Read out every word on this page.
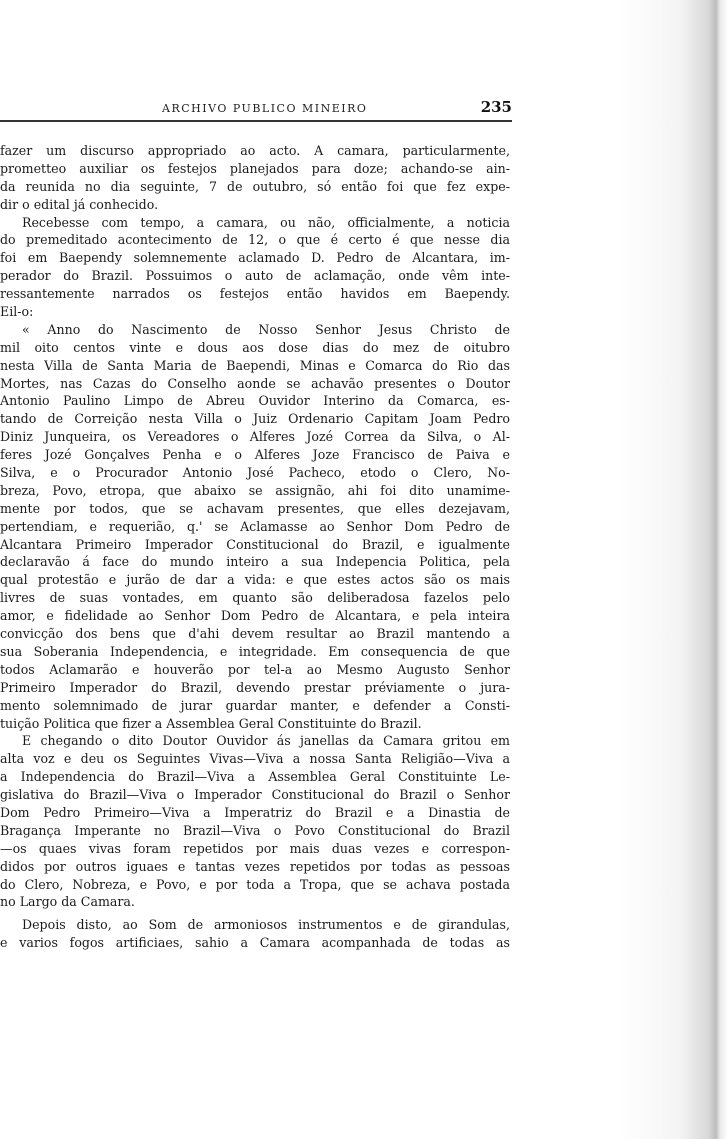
ARCHIVO PUBLICO MINEIRO	235
fazer um discurso appropriado ao acto. A camara, particularmente,
prometteo auxiliar os festejos planejados para doze; achando-se ain-
da reunida no dia seguinte, 7 de outubro, só então foi que fez expe-
dir o edital já conhecido.
Recebesse com tempo, a camara, ou não, officialmente, a noticia
do premeditado acontecimento de 12, o que é certo é que nesse dia
foi em Baependy solemnemente aclamado D. Pedro de Alcantara, im-
perador do Brazil. Possuimos o auto de aclamação, onde vêm inte-
ressantemente narrados os festejos então havidos em Baependy.
Eil-o:
« Anno do Nascimento de Nosso Senhor Jesus Christo de
mil oito centos vinte e dous aos dose dias do mez de oitubro
nesta Villa de Santa Maria de Baependi, Minas e Comarca do Rio das
Mortes, nas Cazas do Conselho aonde se achavão presentes o Doutor
Antonio Paulino Limpo de Abreu Ouvidor Interino da Comarca, es-
tando de Correição nesta Villa o Juiz Ordenario Capitam Joam Pedro
Diniz Junqueira, os Vereadores o Alferes Jozé Correa da Silva, o Al-
feres Jozé Gonçalves Penha e o Alferes Joze Francisco de Paiva e
Silva, e o Procurador Antonio José Pacheco, etodo o Clero, No-
breza, Povo, etropa, que abaixo se assignão, ahi foi dito unamime-
mente por todos, que se achavam presentes, que elles dezejavam,
pertendiam, e requerião, q.' se Aclamasse ao Senhor Dom Pedro de
Alcantara Primeiro Imperador Constitucional do Brazil, e igualmente
declaravão á face do mundo inteiro a sua Indepencia Politica, pela
qual protestão e jurão de dar a vida: e que estes actos são os mais
livres de suas vontades, em quanto são deliberadosa fazelos pelo
amor, e fidelidade ao Senhor Dom Pedro de Alcantara, e pela inteira
convicção dos bens que d'ahi devem resultar ao Brazil mantendo a
sua Soberania Independencia, e integridade. Em consequencia de que
todos Aclamarão e houverão por tel-a ao Mesmo Augusto Senhor
Primeiro Imperador do Brazil, devendo prestar préviamente o jura-
mento solemnimado de jurar guardar manter, e defender a Consti-
tuição Politica que fizer a Assemblea Geral Constituinte do Brazil.
E chegando o dito Doutor Ouvidor ás janellas da Camara gritou em
alta voz e deu os Seguintes Vivas—Viva a nossa Santa Religião—Viva a
a Independencia do Brazil—Viva a Assemblea Geral Constituinte Le-
gislativa do Brazil—Viva o Imperador Constitucional do Brazil o Senhor
Dom Pedro Primeiro—Viva a Imperatriz do Brazil e a Dinastia de
Bragança Imperante no Brazil—Viva o Povo Constitucional do Brazil
—os quaes vivas foram repetidos por mais duas vezes e correspon-
didos por outros iguaes e tantas vezes repetidos por todas as pessoas
do Clero, Nobreza, e Povo, e por toda a Tropa, que se achava postada
no Largo da Camara.
Depois disto, ao Som de armoniosos instrumentos e de girandulas,
e varios fogos artificiaes, sahio a Camara acompanhada de todas as
